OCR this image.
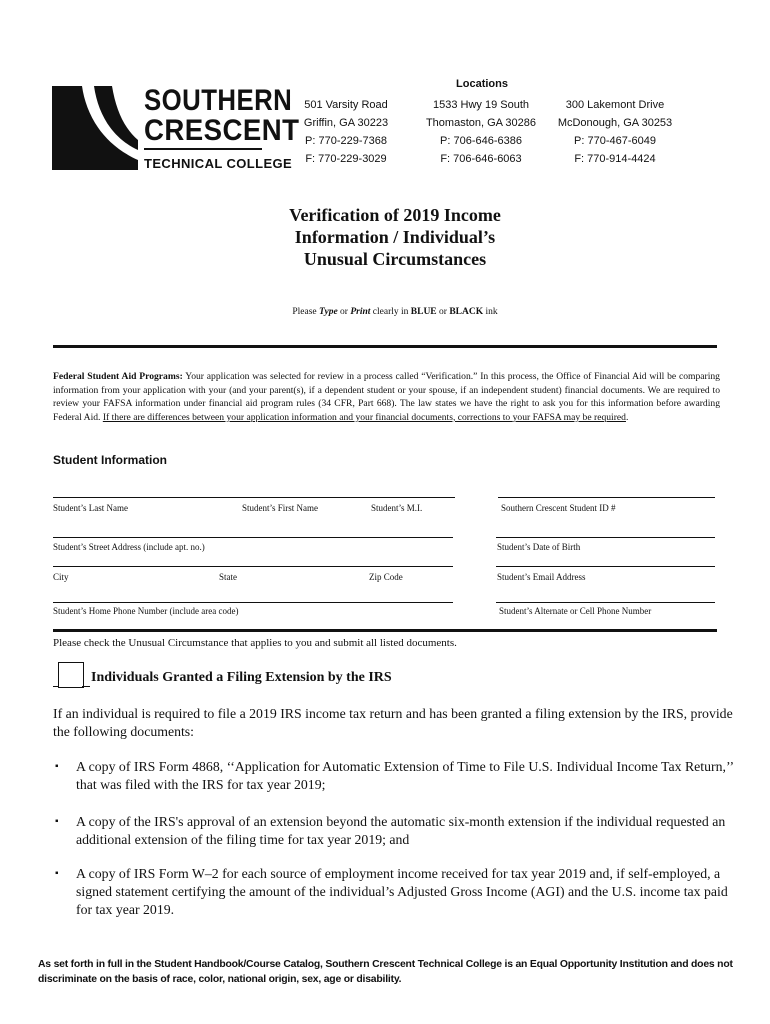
SOUTHERN
CRESCENT
TECHNICAL COLLEGE
Locations
501 Varsity Road
Griffin, GA 30223
P: 770-229-7368
F: 770-229-3029
1533 Hwy 19 South
Thomaston, GA 30286
P: 706-646-6386
F: 706-646-6063
300 Lakemont Drive
McDonough, GA 30253
P: 770-467-6049
F: 770-914-4424
Verification of 2019 Income
Information / Individual’s
Unusual Circumstances
Please Type or Print clearly in BLUE or BLACK ink
Federal Student Aid Programs: Your application was selected for review in a process called “Verification.” In this process, the Office of Financial Aid will be comparing information from your application with your (and your parent(s), if a dependent student or your spouse, if an independent student) financial documents. We are required to review your FAFSA information under financial aid program rules (34 CFR, Part 668). The law states we have the right to ask you for this information before awarding Federal Aid. If there are differences between your application information and your financial documents, corrections to your FAFSA may be required.
Student Information
Student’s Last Name	Student’s First Name	Student’s M.I.	Southern Crescent Student ID #
Student’s Street Address (include apt. no.)	Student’s Date of Birth
City	State	Zip Code	Student’s Email Address
Student’s Home Phone Number (include area code)	Student’s Alternate or Cell Phone Number
Please check the Unusual Circumstance that applies to you and submit all listed documents.
Individuals Granted a Filing Extension by the IRS
If an individual is required to file a 2019 IRS income tax return and has been granted a filing extension by the IRS, provide the following documents:
▪ A copy of IRS Form 4868, ‘‘Application for Automatic Extension of Time to File U.S. Individual Income Tax Return,’’ that was filed with the IRS for tax year 2019;
▪ A copy of the IRS's approval of an extension beyond the automatic six-month extension if the individual requested an additional extension of the filing time for tax year 2019; and
▪ A copy of IRS Form W–2 for each source of employment income received for tax year 2019 and, if self-employed, a signed statement certifying the amount of the individual’s Adjusted Gross Income (AGI) and the U.S. income tax paid for tax year 2019.
As set forth in full in the Student Handbook/Course Catalog, Southern Crescent Technical College is an Equal Opportunity Institution and does not discriminate on the basis of race, color, national origin, sex, age or disability.
